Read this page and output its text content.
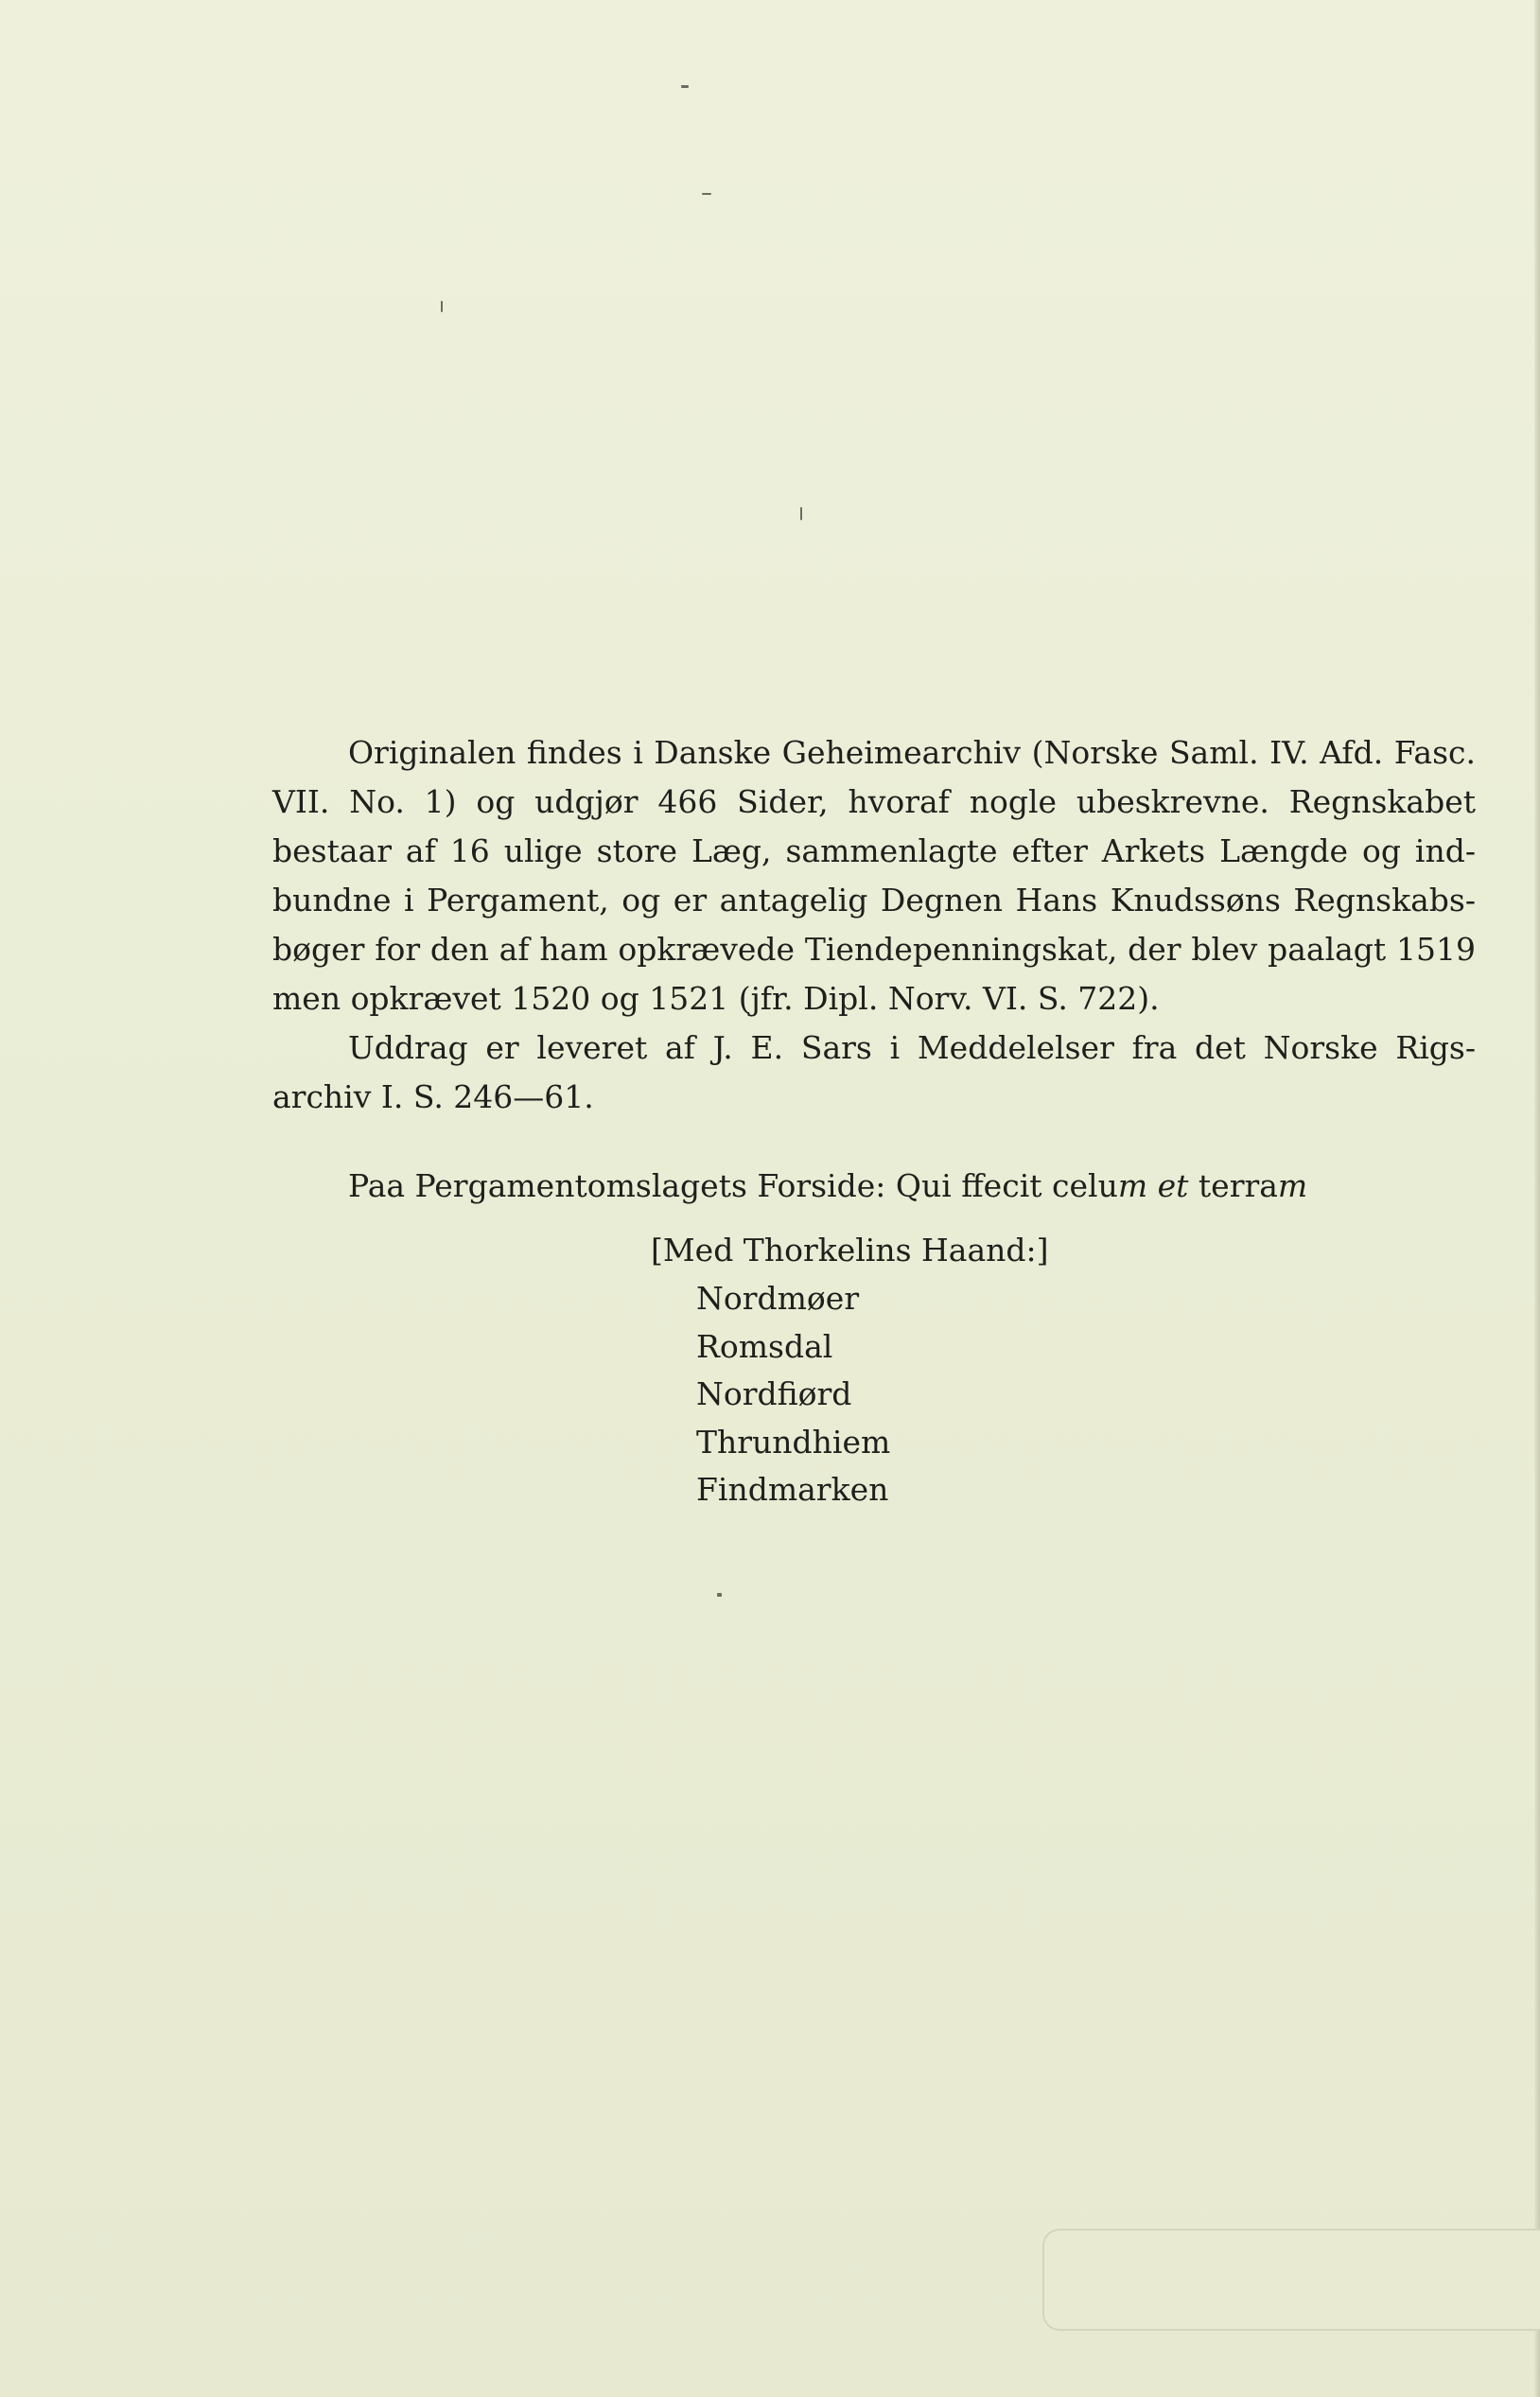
Originalen findes i Danske Geheimearchiv (Norske Saml. IV. Afd. Fasc. VII. No. 1) og udgjør 466 Sider, hvoraf nogle ubeskrevne. Regnskabet bestaar af 16 ulige store Læg, sammenlagte efter Arkets Længde og ind- bundne i Pergament, og er antagelig Degnen Hans Knudssøns Regnskabs- bøger for den af ham opkrævede Tiendepenningskat, der blev paalagt 1519 men opkrævet 1520 og 1521 (jfr. Dipl. Norv. VI. S. 722).

Uddrag er leveret af J. E. Sars i Meddelelser fra det Norske Rigs- archiv I. S. 246—61.

Paa Pergamentomslagets Forside: Qui ffecit celum et terram
[Med Thorkelins Haand:]
Nordmøer
Romsdal
Nordfiørd
Thrundhiem
Findmarken
